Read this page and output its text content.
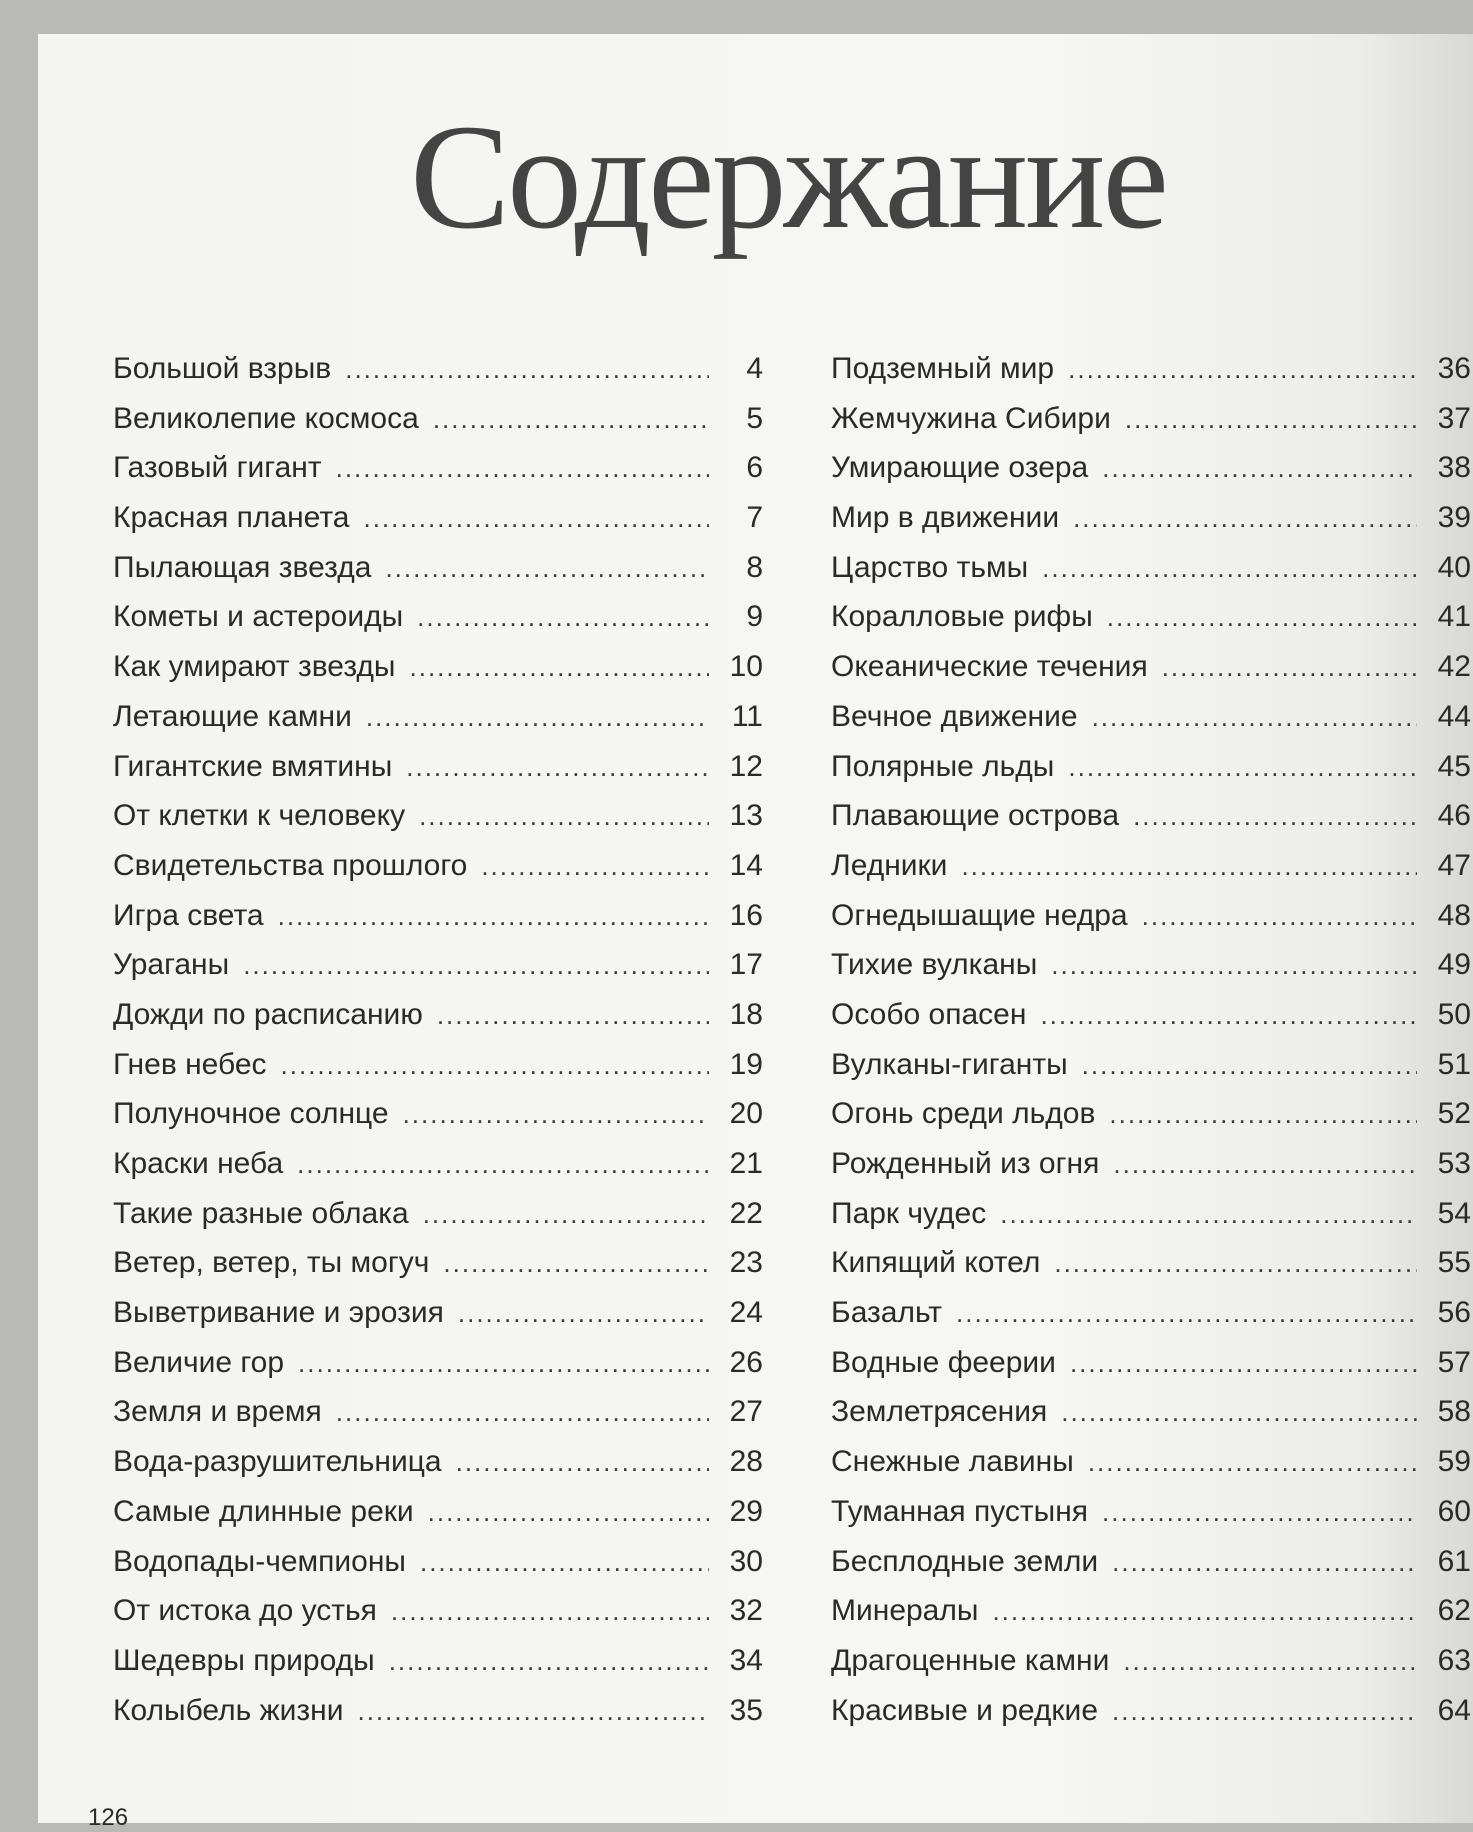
Содержание
Большой взрыв .....	4
Великолепие космоса .....	5
Газовый гигант .....	6
Красная планета .....	7
Пылающая звезда .....	8
Кометы и астероиды .....	9
Как умирают звезды .....	10
Летающие камни .....	11
Гигантские вмятины .....	12
От клетки к человеку .....	13
Свидетельства прошлого .....	14
Игра света .....	16
Ураганы .....	17
Дожди по расписанию .....	18
Гнев небес .....	19
Полуночное солнце .....	20
Краски неба .....	21
Такие разные облака .....	22
Ветер, ветер, ты могуч .....	23
Выветривание и эрозия .....	24
Величие гор .....	26
Земля и время .....	27
Вода-разрушительница .....	28
Самые длинные реки .....	29
Водопады-чемпионы .....	30
От истока до устья .....	32
Шедевры природы .....	34
Колыбель жизни .....	35
Подземный мир .....	36
Жемчужина Сибири .....	37
Умирающие озера .....	38
Мир в движении .....	39
Царство тьмы .....	40
Коралловые рифы .....	41
Океанические течения .....	42
Вечное движение .....	44
Полярные льды .....	45
Плавающие острова .....	46
Ледники .....	47
Огнедышащие недра .....	48
Тихие вулканы .....	49
Особо опасен .....	50
Вулканы-гиганты .....	51
Огонь среди льдов .....	52
Рожденный из огня .....	53
Парк чудес .....	54
Кипящий котел .....	55
Базальт .....	56
Водные феерии .....	57
Землетрясения .....	58
Снежные лавины .....	59
Туманная пустыня .....	60
Бесплодные земли .....	61
Минералы .....	62
Драгоценные камни .....	63
Красивые и редкие .....	64
126
